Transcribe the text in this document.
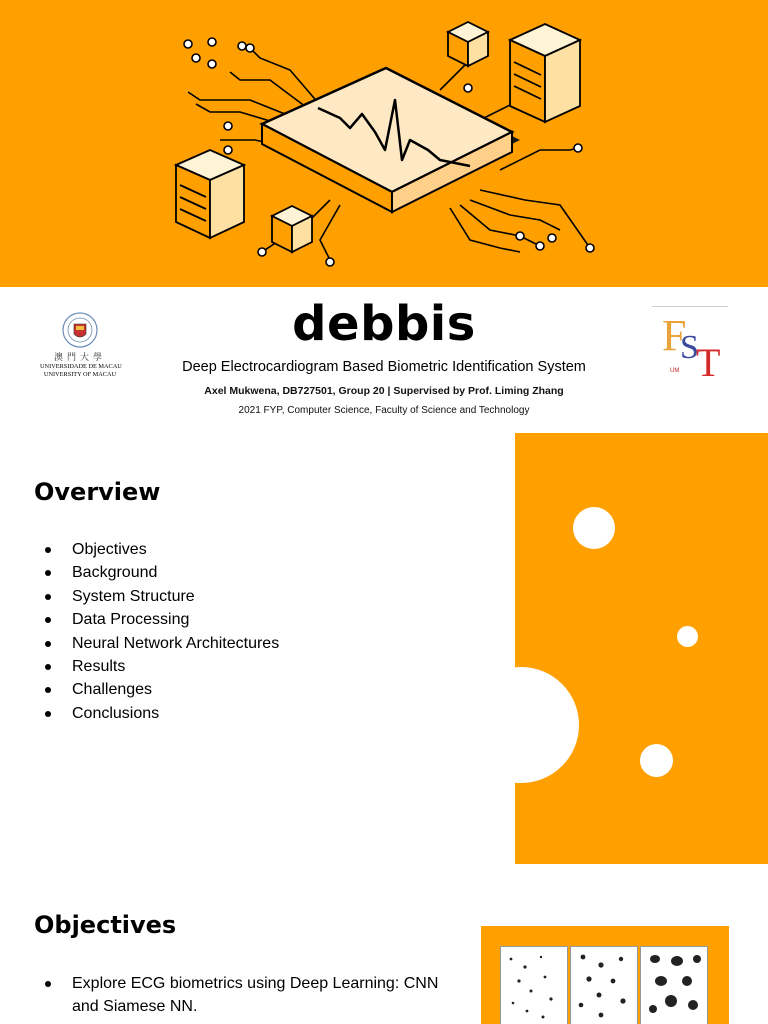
澳門大學
UNIVERSIDADE DE MACAU
UNIVERSITY OF MACAU
F
S
T
UM
debbis
Deep Electrocardiogram Based Biometric Identification System
Axel Mukwena, DB727501, Group 20 | Supervised by Prof. Liming Zhang
2021 FYP, Computer Science, Faculty of Science and Technology
Overview
Objectives
Background
System Structure
Data Processing
Neural Network Architectures
Results
Challenges
Conclusions
Objectives
Explore ECG biometrics using Deep Learning: CNN and Siamese NN.
